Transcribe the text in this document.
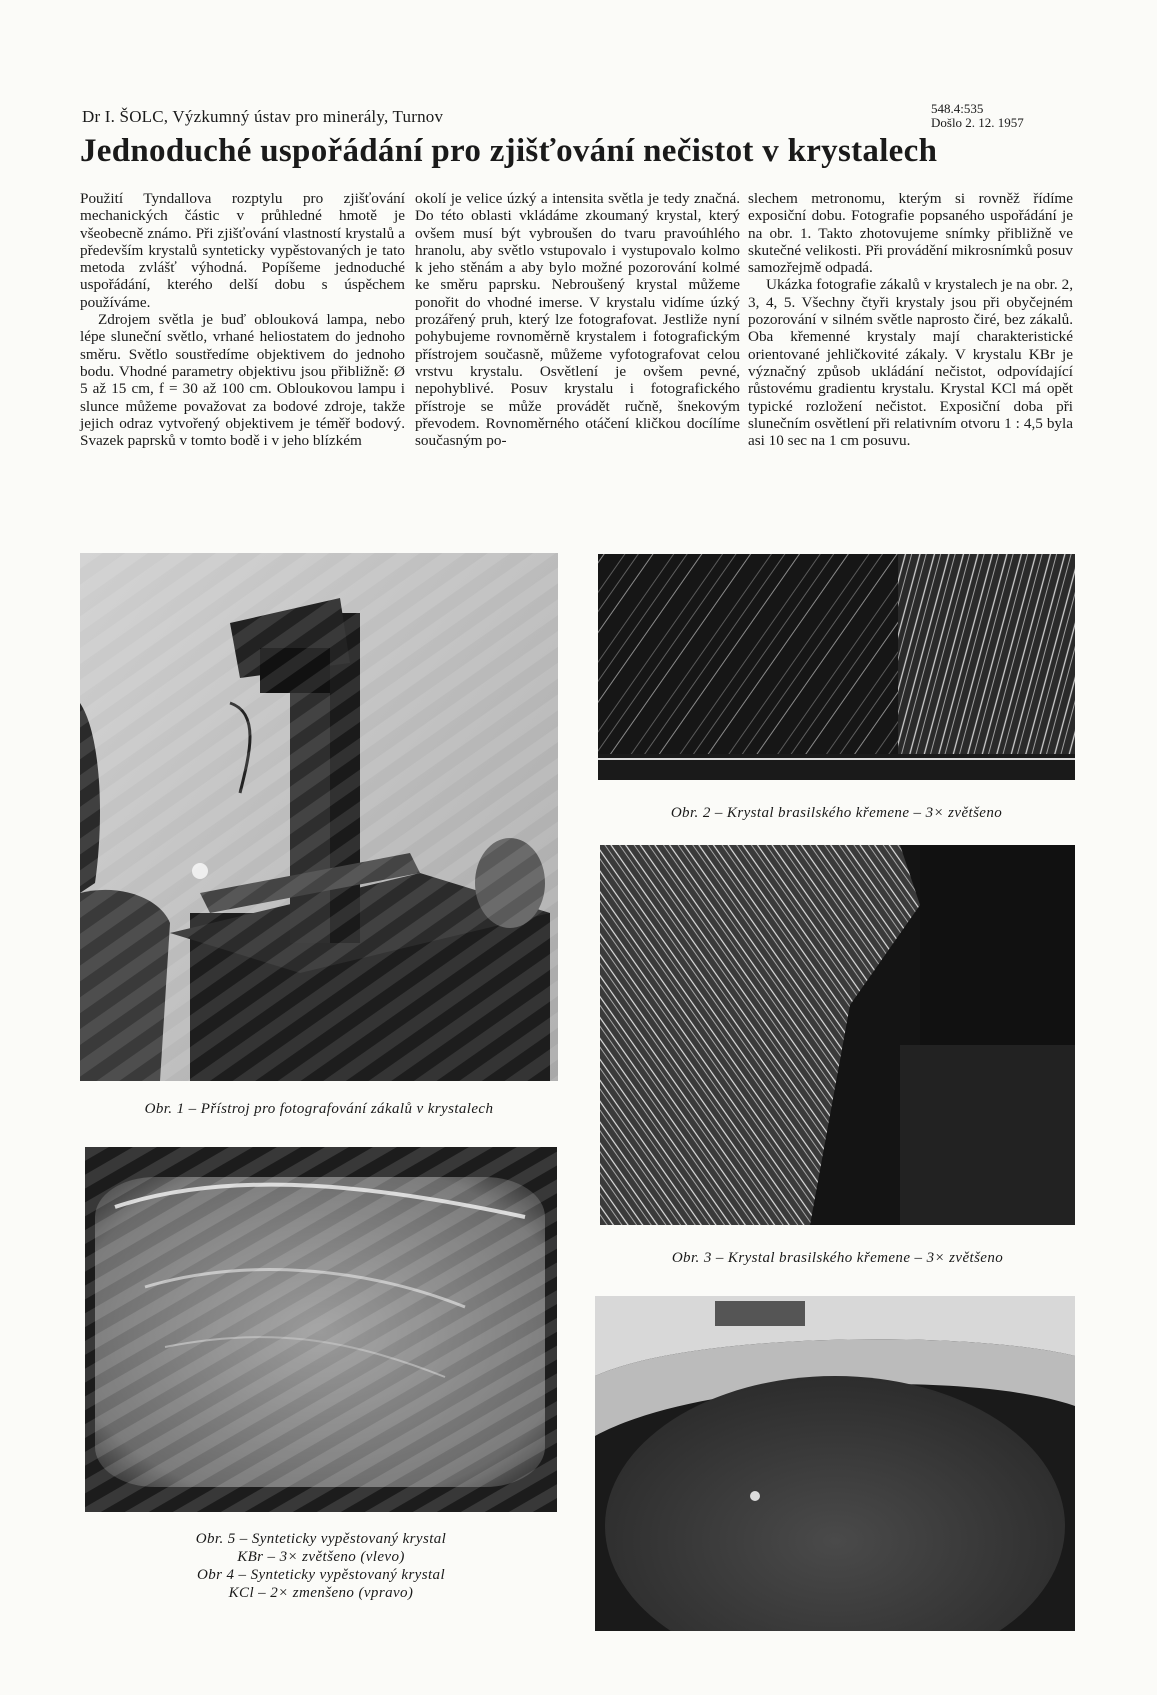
Dr I. ŠOLC, Výzkumný ústav pro minerály, Turnov	548.4:535
Došlo 2. 12. 1957
Jednoduché uspořádání pro zjišťování nečistot v krystalech

Použití Tyndallova rozptylu pro zjišťování mechanických částic v průhledné hmotě je všeobecně známo. Při zjišťování vlastností krystalů a především krystalů synteticky vypěstovaných je tato metoda zvlášť výhodná. Popíšeme jednoduché uspořádání, kterého delší dobu s úspěchem používáme.

Zdrojem světla je buď oblouková lampa, nebo lépe sluneční světlo, vrhané heliostatem do jednoho směru. Světlo soustředíme objektivem do jednoho bodu. Vhodné parametry objektivu jsou přibližně: Ø 5 až 15 cm, f = 30 až 100 cm. Obloukovou lampu i slunce můžeme považovat za bodové zdroje, takže jejich odraz vytvořený objektivem je téměř bodový. Svazek paprsků v tomto bodě i v jeho blízkém

okolí je velice úzký a intensita světla je tedy značná. Do této oblasti vkládáme zkoumaný krystal, který ovšem musí být vybroušen do tvaru pravoúhlého hranolu, aby světlo vstupovalo i vystupovalo kolmo k jeho stěnám a aby bylo možné pozorování kolmé ke směru paprsku. Nebroušený krystal můžeme ponořit do vhodné imerse. V krystalu vidíme úzký prozářený pruh, který lze fotografovat. Jestliže nyní pohybujeme rovnoměrně krystalem i fotografickým přístrojem současně, můžeme vyfotografovat celou vrstvu krystalu. Osvětlení je ovšem pevné, nepohyblivé. Posuv krystalu i fotografického přístroje se může provádět ručně, šnekovým převodem. Rovnoměrného otáčení kličkou docílíme současným po-

slechem metronomu, kterým si rovněž řídíme exposiční dobu. Fotografie popsaného uspořádání je na obr. 1. Takto zhotovujeme snímky přibližně ve skutečné velikosti. Při provádění mikrosnímků posuv samozřejmě odpadá.

Ukázka fotografie zákalů v krystalech je na obr. 2, 3, 4, 5. Všechny čtyři krystaly jsou při obyčejném pozorování v silném světle naprosto čiré, bez zákalů. Oba křemenné krystaly mají charakteristické orientované jehličkovité zákaly. V krystalu KBr je význačný způsob ukládání nečistot, odpovídající růstovému gradientu krystalu. Krystal KCl má opět typické rozložení nečistot. Exposiční doba při slunečním osvětlení při relativním otvoru 1 : 4,5 byla asi 10 sec na 1 cm posuvu.

Obr. 1 – Přístroj pro fotografování zákalů v krystalech
Obr. 2 – Krystal brasilského křemene – 3× zvětšeno
Obr. 3 – Krystal brasilského křemene – 3× zvětšeno
Obr. 5 – Synteticky vypěstovaný krystal
KBr – 3× zvětšeno (vlevo)
Obr 4 – Synteticky vypěstovaný krystal
KCl – 2× zmenšeno (vpravo)
